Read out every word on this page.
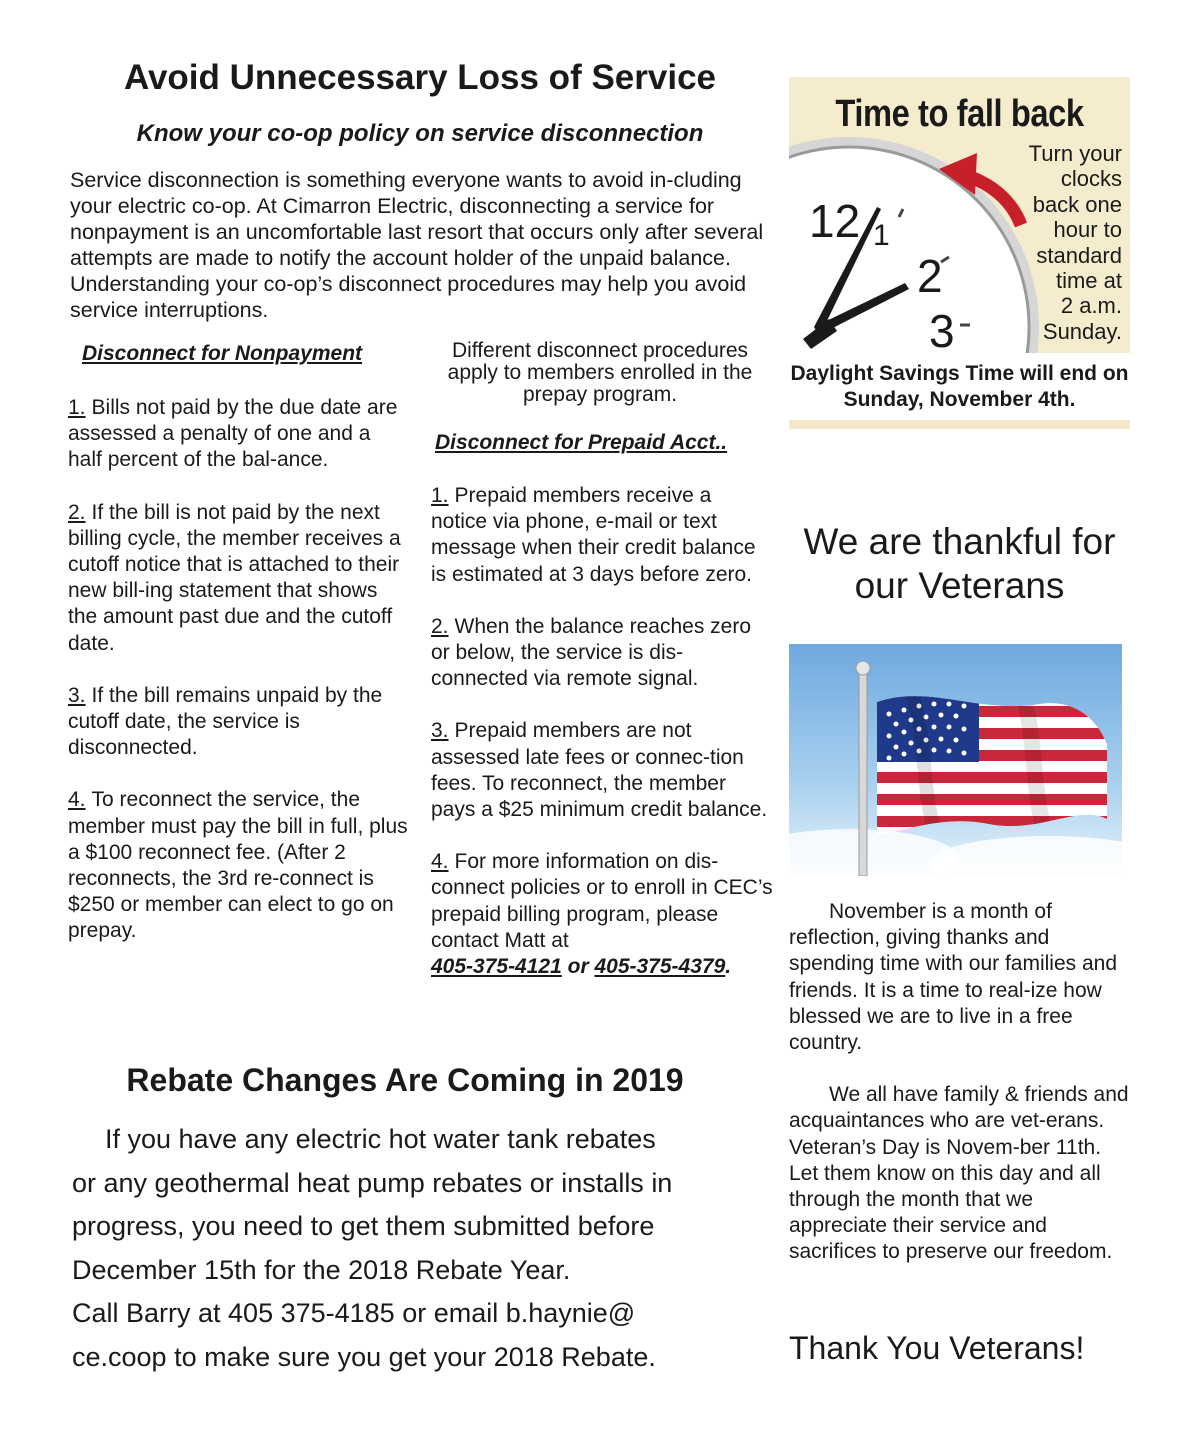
Avoid Unnecessary Loss of Service
Know your co-op policy on service disconnection
Service disconnection is something everyone wants to avoid in-cluding your electric co-op. At Cimarron Electric, disconnecting a service for nonpayment is an uncomfortable last resort that occurs only after several attempts are made to notify the account holder of the unpaid balance. Understanding your co-op’s disconnect procedures may help you avoid service interruptions.
Disconnect for Nonpayment

1. Bills not paid by the due date are assessed a penalty of one and a half percent of the bal-ance.

2. If the bill is not paid by the next billing cycle, the member receives a cutoff notice that is attached to their new bill-ing statement that shows the amount past due and the cutoff date.

3. If the bill remains unpaid by the cutoff date, the service is disconnected.

4. To reconnect the service, the member must pay the bill in full, plus a $100 reconnect fee. (After 2 reconnects, the 3rd re-connect is $250 or member can elect to go on prepay.

Different disconnect procedures apply to members enrolled in the prepay program.
Disconnect for Prepaid Acct..

1. Prepaid members receive a notice via phone, e-mail or text message when their credit balance is estimated at 3 days before zero.

2. When the balance reaches zero or below, the service is dis-connected via remote signal.

3. Prepaid members are not assessed late fees or connec-tion fees. To reconnect, the member pays a $25 minimum credit balance.

4. For more information on dis-connect policies or to enroll in CEC’s prepaid billing program, please contact Matt at
405-375-4121 or 405-375-4379.

Rebate Changes Are Coming in 2019

If you have any electric hot water tank rebates

or any geothermal heat pump rebates or installs in

progress, you need to get them submitted before

December 15th for the 2018 Rebate Year.

Call Barry at 405 375-4185 or email b.haynie@

ce.coop to make sure you get your 2018 Rebate.

12 1
2
3
Time to fall back
Turn your
clocks
back one
hour to
standard
time at
2 a.m.
Sunday.
Daylight Savings Time will end on Sunday, November 4th.
We are thankful for our Veterans

November is a month of reflection, giving thanks and spending time with our families and friends. It is a time to real-ize how blessed we are to live in a free country.

We all have family & friends and acquaintances who are vet-erans. Veteran’s Day is Novem-ber 11th. Let them know on this day and all through the month that we appreciate their service and sacrifices to preserve our freedom.

Thank You Veterans!
